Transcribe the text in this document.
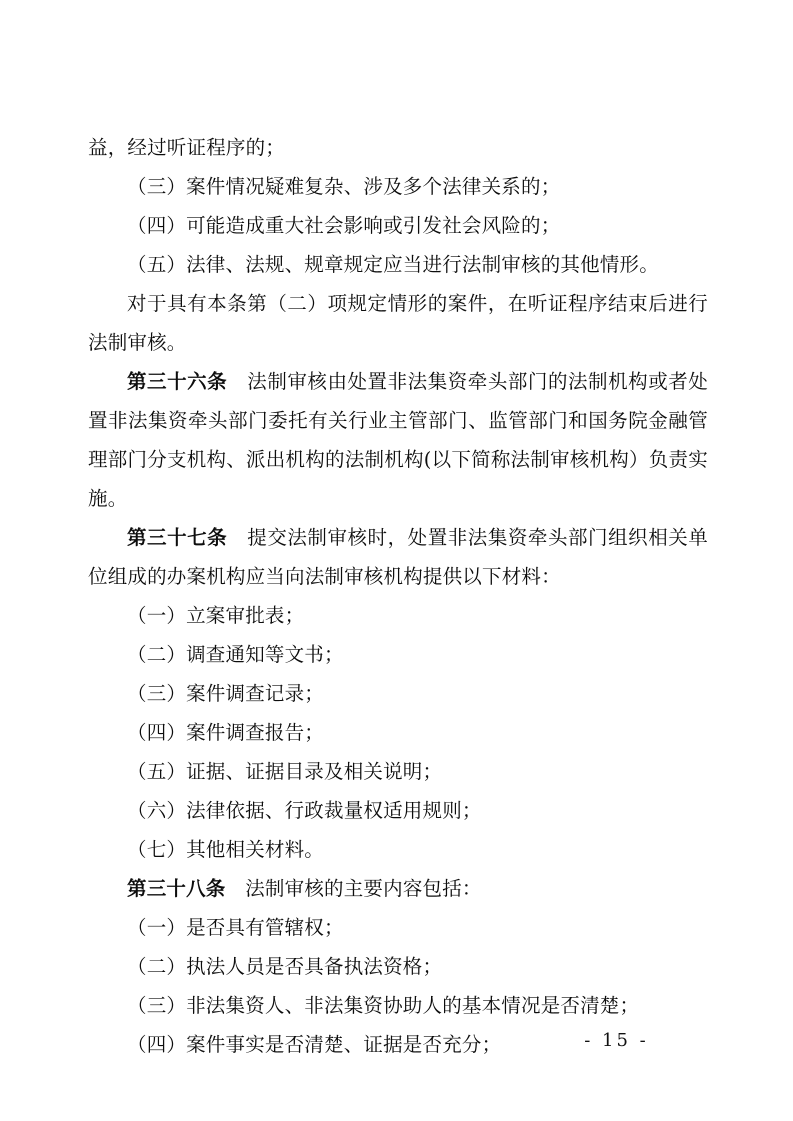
益，经过听证程序的；

（三）案件情况疑难复杂、涉及多个法律关系的；

（四）可能造成重大社会影响或引发社会风险的；

（五）法律、法规、规章规定应当进行法制审核的其他情形。

对于具有本条第（二）项规定情形的案件，在听证程序结束后进行法制审核。

第三十六条　法制审核由处置非法集资牵头部门的法制机构或者处置非法集资牵头部门委托有关行业主管部门、监管部门和国务院金融管理部门分支机构、派出机构的法制机构(以下简称法制审核机构）负责实施。

第三十七条　提交法制审核时，处置非法集资牵头部门组织相关单位组成的办案机构应当向法制审核机构提供以下材料：

（一）立案审批表；

（二）调查通知等文书；

（三）案件调查记录；

（四）案件调查报告；

（五）证据、证据目录及相关说明；

（六）法律依据、行政裁量权适用规则；

（七）其他相关材料。

第三十八条　法制审核的主要内容包括：

（一）是否具有管辖权；

（二）执法人员是否具备执法资格；

（三）非法集资人、非法集资协助人的基本情况是否清楚；

（四）案件事实是否清楚、证据是否充分；	- 15 -
